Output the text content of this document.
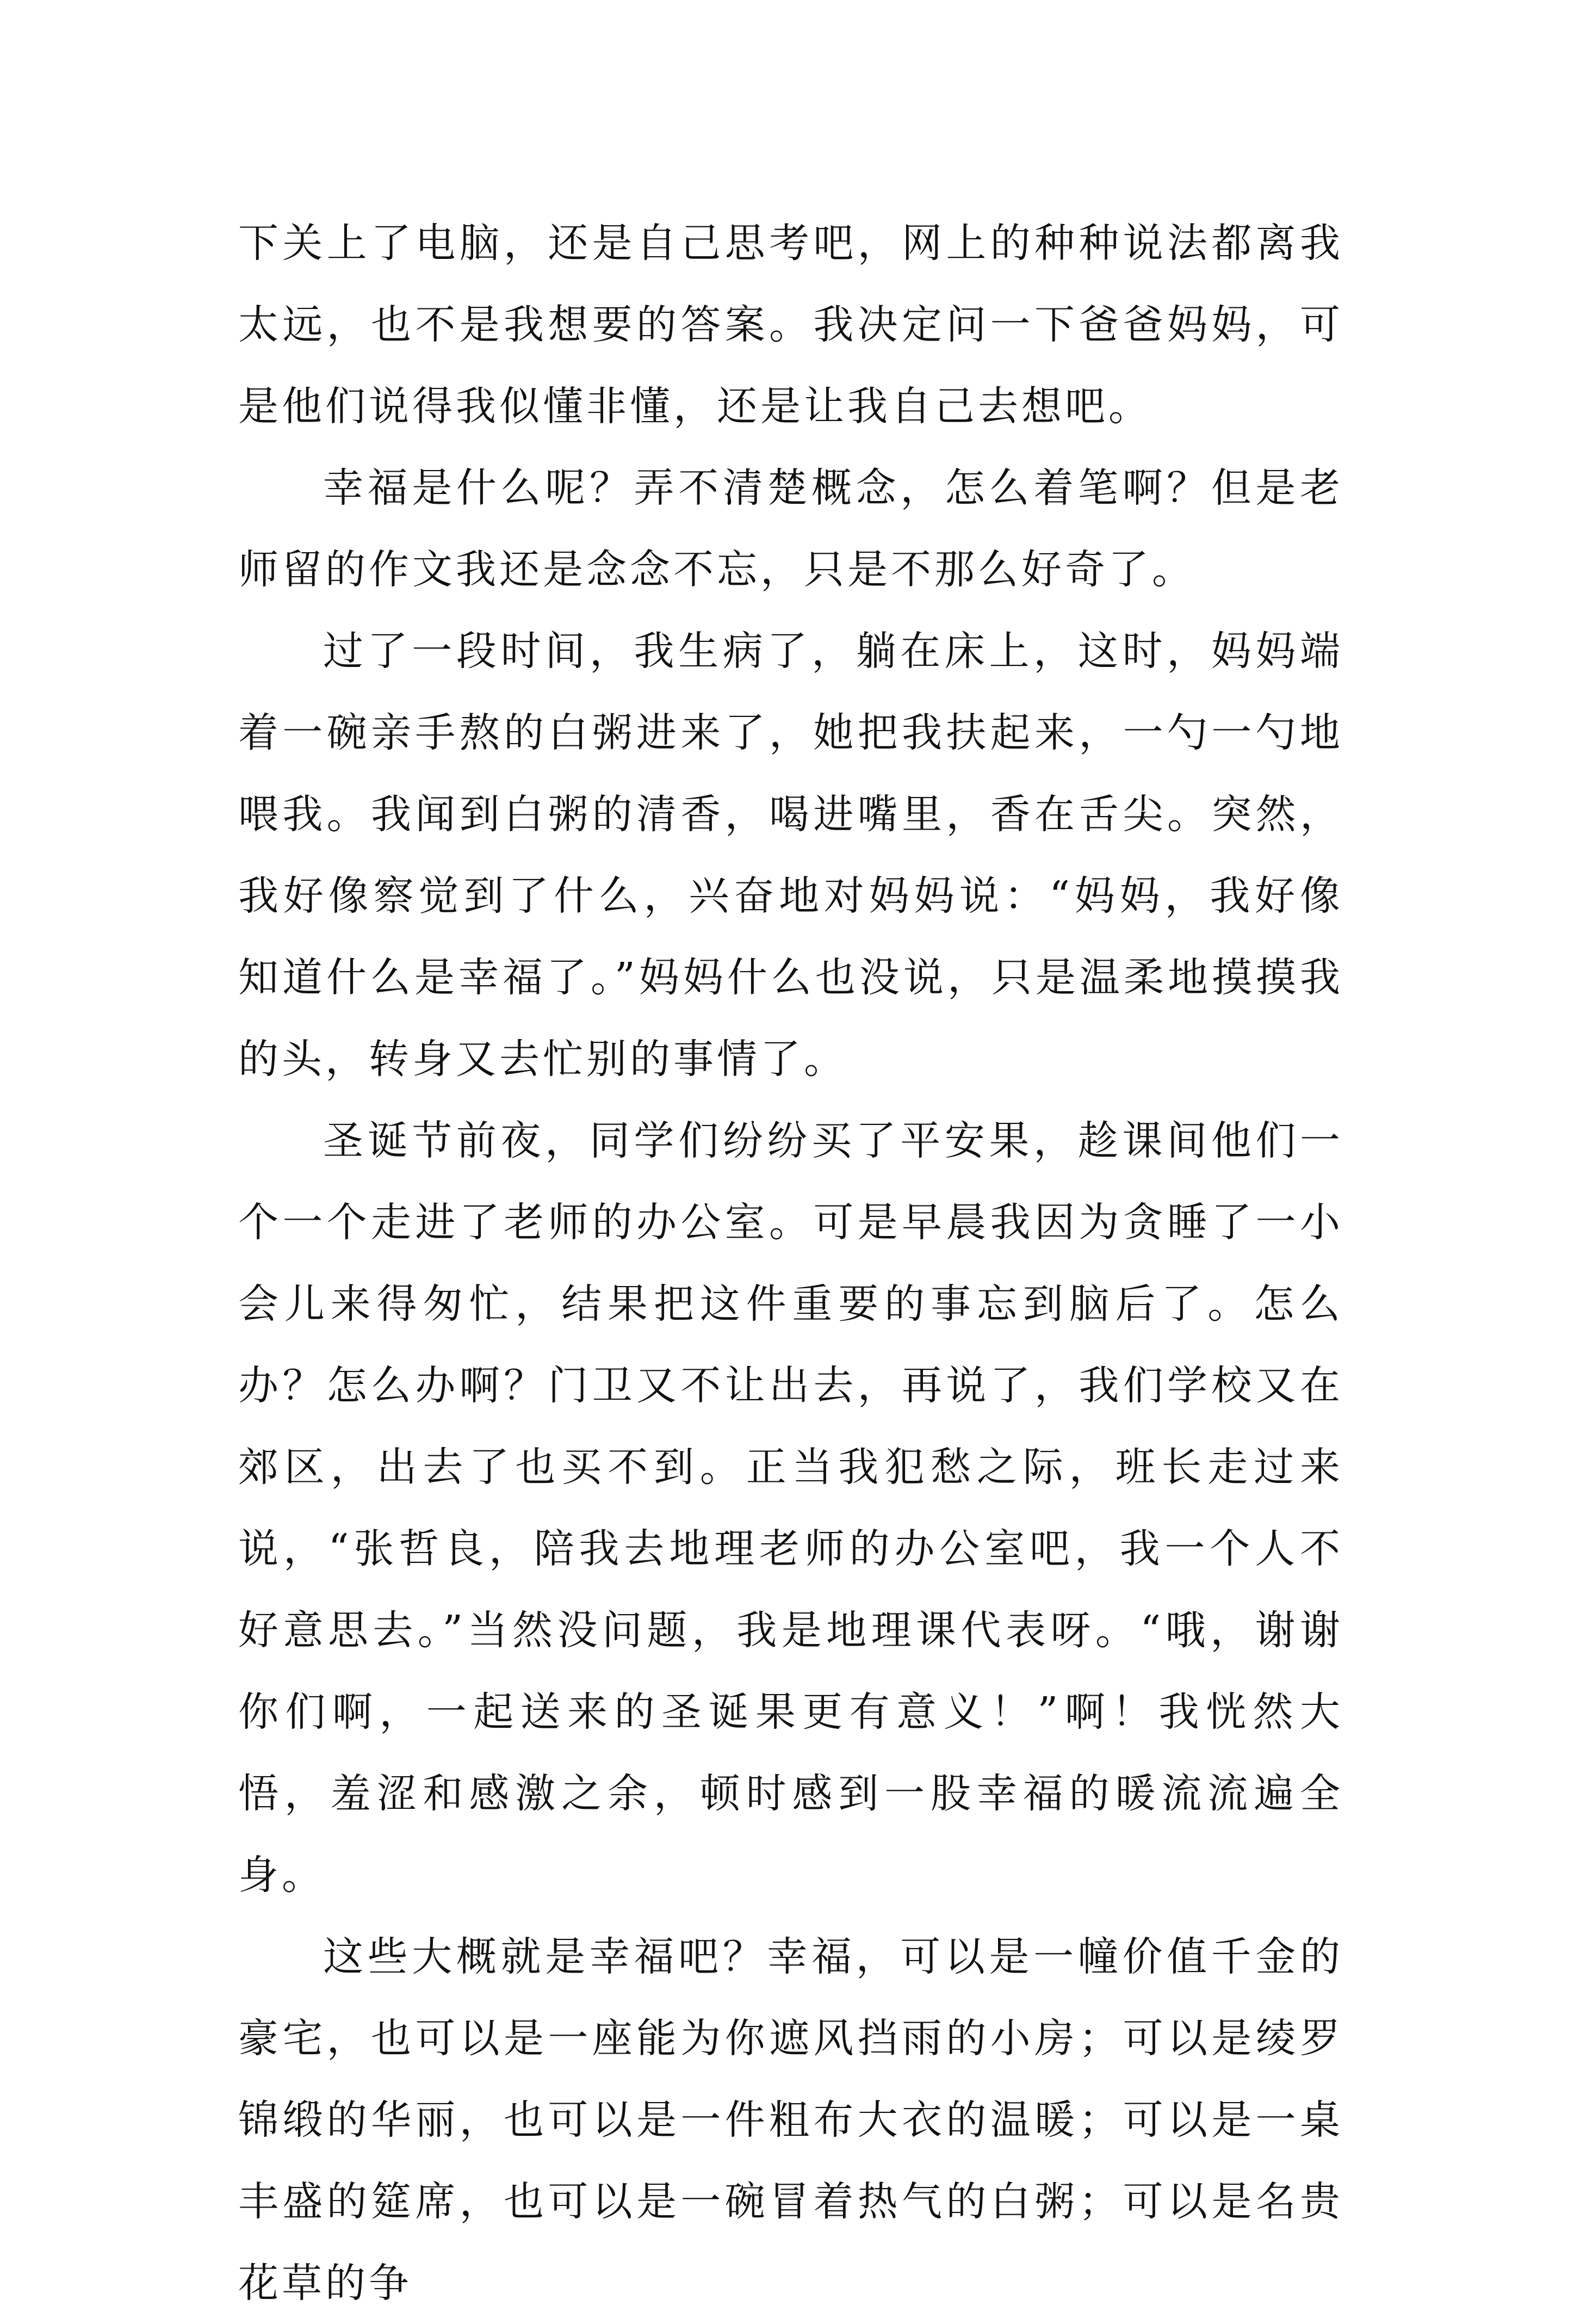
下关上了电脑，还是自己思考吧，网上的种种说法都离我太远，也不是我想要的答案。我决定问一下爸爸妈妈，可是他们说得我似懂非懂，还是让我自己去想吧。

幸福是什么呢？弄不清楚概念，怎么着笔啊？但是老师留的作文我还是念念不忘，只是不那么好奇了。

过了一段时间，我生病了，躺在床上，这时，妈妈端着一碗亲手熬的白粥进来了，她把我扶起来，一勺一勺地喂我。我闻到白粥的清香，喝进嘴里，香在舌尖。突然，我好像察觉到了什么，兴奋地对妈妈说：“妈妈，我好像知道什么是幸福了。”妈妈什么也没说，只是温柔地摸摸我的头，转身又去忙别的事情了。

圣诞节前夜，同学们纷纷买了平安果，趁课间他们一个一个走进了老师的办公室。可是早晨我因为贪睡了一小会儿来得匆忙，结果把这件重要的事忘到脑后了。怎么办？怎么办啊？门卫又不让出去，再说了，我们学校又在郊区，出去了也买不到。正当我犯愁之际，班长走过来说，“张哲良，陪我去地理老师的办公室吧，我一个人不好意思去。”当然没问题，我是地理课代表呀。“哦，谢谢你们啊，一起送来的圣诞果更有意义！”啊！我恍然大悟，羞涩和感激之余，顿时感到一股幸福的暖流流遍全身。

这些大概就是幸福吧？幸福，可以是一幢价值千金的豪宅，也可以是一座能为你遮风挡雨的小房；可以是绫罗锦缎的华丽，也可以是一件粗布大衣的温暖；可以是一桌丰盛的筵席，也可以是一碗冒着热气的白粥；可以是名贵花草的争
